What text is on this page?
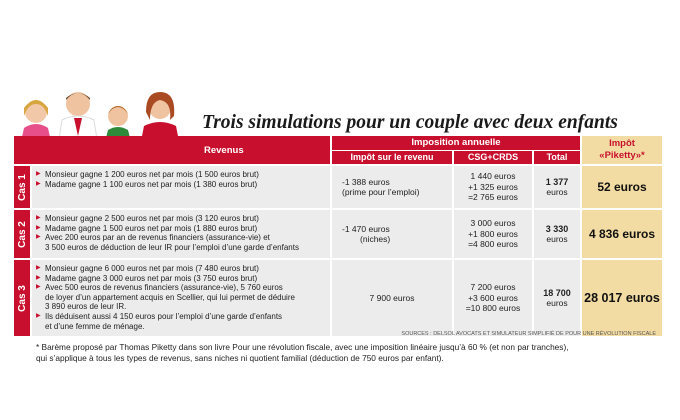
Trois simulations pour un couple avec deux enfants
Revenus
Imposition annuelle
Impôt sur le revenu	CSG+CRDS	Total
Impôt
«Piketty»*
Cas 1
▶	Monsieur gagne 1 200 euros net par mois (1 500 euros brut)
▶ Madame gagne 1 100 euros net par mois (1 380 euros brut)	-1 388 euros
(prime pour l’emploi)
1 440 euros
+1 325 euros
=2 765 euros
1 377
euros	52 euros
Cas 2
▶ Monsieur gagne 2 500 euros net par mois (3 120 euros brut)
▶ Madame gagne 1 500 euros net par mois (1 880 euros brut)
▶ Avec 200 euros par an de revenus financiers (assurance-vie) et
3 500 euros de déduction de leur IR pour l’emploi d’une garde d’enfants
-1 470 euros
(niches)
3 000 euros
+1 800 euros
=4 800 euros
3 330
euros	4 836 euros
Cas 3
▶ Monsieur gagne 6 000 euros net par mois (7 480 euros brut)
▶ Madame gagne 3 000 euros net par mois (3 750 euros brut)
▶ Avec 500 euros de revenus financiers (assurance-vie), 5 760 euros
de loyer d’un appartement acquis en Scellier, qui lui permet de déduire
3 890 euros de leur IR.
▶ Ils déduisent aussi 4 150 euros pour l’emploi d’une garde d’enfants
et d’une femme de ménage.
7 900 euros
7 200 euros
+3 600 euros
=10 800 euros
18 700
euros 28 017 euros
SOURCES : DELSOL AVOCATS ET SIMULATEUR SIMPLIFIÉ DE POUR UNE RÉVOLUTION FISCALE
* Barème proposé par Thomas Piketty dans son livre Pour une révolution fiscale, avec une imposition linéaire jusqu’à 60 % (et non par tranches),
qui s’applique à tous les types de revenus, sans niches ni quotient familial (déduction de 750 euros par enfant).
